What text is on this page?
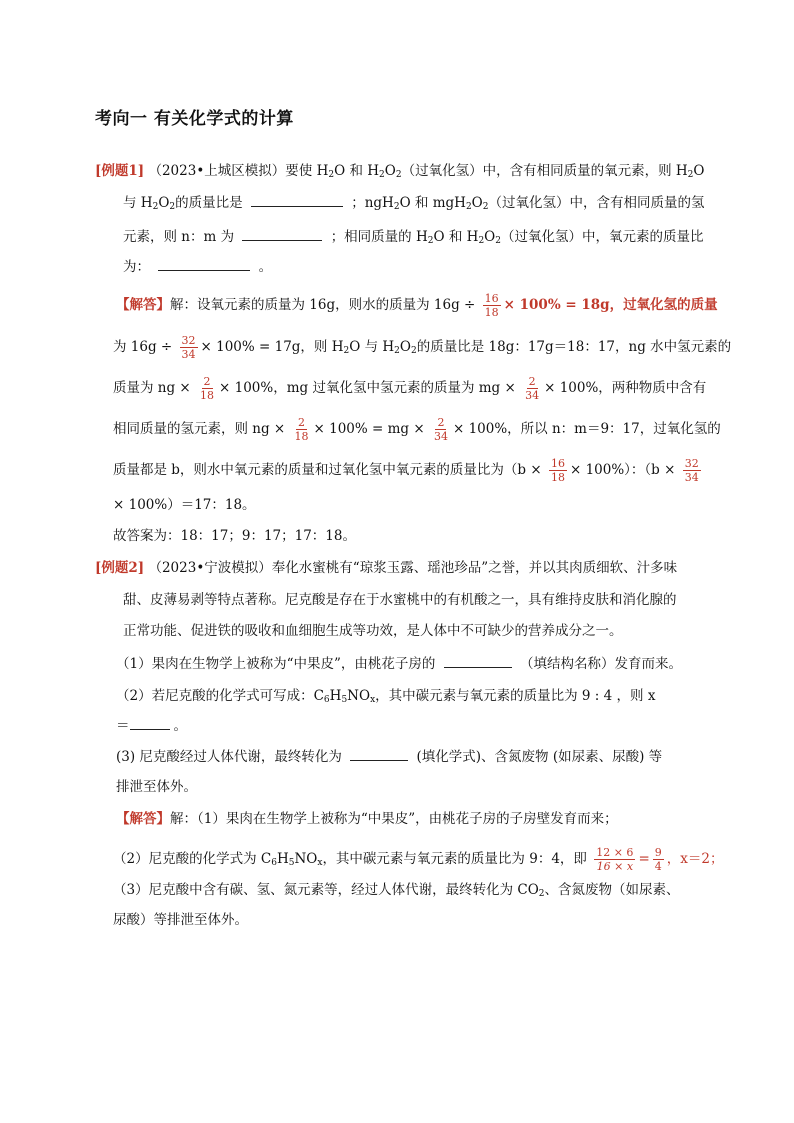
考向一 有关化学式的计算
[例题1] （2023•上城区模拟）要使 $H_2O$ 和 $H_2O_2$（过氧化氢）中，含有相同质量的氧元素，则 $H_2O$
与 $H_2O_2$的质量比是	；ngH$_2$O 和 $mgH_2O_2$（过氧化氢）中，含有相同质量的氢
元素，则 n：m 为	；相同质量的 $H_2O$ 和 $H_2O_2$（过氧化氢）中，氧元素的质量比
为：	。
【解答】解：设氧元素的质量为 16g，则水的质量为 $16g \div \frac{16}{18} \times 100\% = 18g$，过氧化氢的质量
为 $16g \div \frac{32}{34} \times 100\% = 17g$，则 $H_2O$ 与 $H_2O_2$的质量比是 18g：17g＝18：17，ng 水中氢元素的
质量为 ng × $\frac{2}{18} \times 100\%$，mg 过氧化氢中氢元素的质量为 mg × $\frac{2}{34} \times 100\%$，两种物质中含有
相同质量的氢元素，则 ng × $\frac{2}{18} \times 100\%$ = mg × $\frac{2}{34} \times 100\%$，所以 n：m＝9：17，过氧化氢的
质量都是 b，则水中氧元素的质量和过氧化氢中氧元素的质量比为$(b \times \frac{16}{18} \times 100\%)$：（$b \times \frac{32}{34}$
× 100%）＝17：18。
故答案为：18：17；9：17；17：18。
[例题2] （2023•宁波模拟）奉化水蜜桃有“琼浆玉露、瑶池珍品”之誉，并以其肉质细软、汁多味
甜、皮薄易剥等特点著称。尼克酸是存在于水蜜桃中的有机酸之一，具有维持皮肤和消化腺的
正常功能、促进铁的吸收和血细胞生成等功效，是人体中不可缺少的营养成分之一。
（1）果肉在生物学上被称为“中果皮”，由桃花子房的	（填结构名称）发育而来。
（2）若尼克酸的化学式可写成：$C_6H_5NO_x$，其中碳元素与氧元素的质量比为 9 : 4 ，则 x
＝	。
(3) 尼克酸经过人体代谢，最终转化为	(填化学式)、含氮废物 (如尿素、尿酸) 等
排泄至体外。
【解答】解：（1）果肉在生物学上被称为“中果皮”，由桃花子房的子房壁发育而来；
（2）尼克酸的化学式为 $C_6H_5NO_x$，其中碳元素与氧元素的质量比为 9：4，即 $\frac{12 \times 6}{16 \times x} = \frac{9}{4}$ ，x＝2；
（3）尼克酸中含有碳、氢、氮元素等，经过人体代谢，最终转化为 $CO_2$、含氮废物（如尿素、
尿酸）等排泄至体外。
